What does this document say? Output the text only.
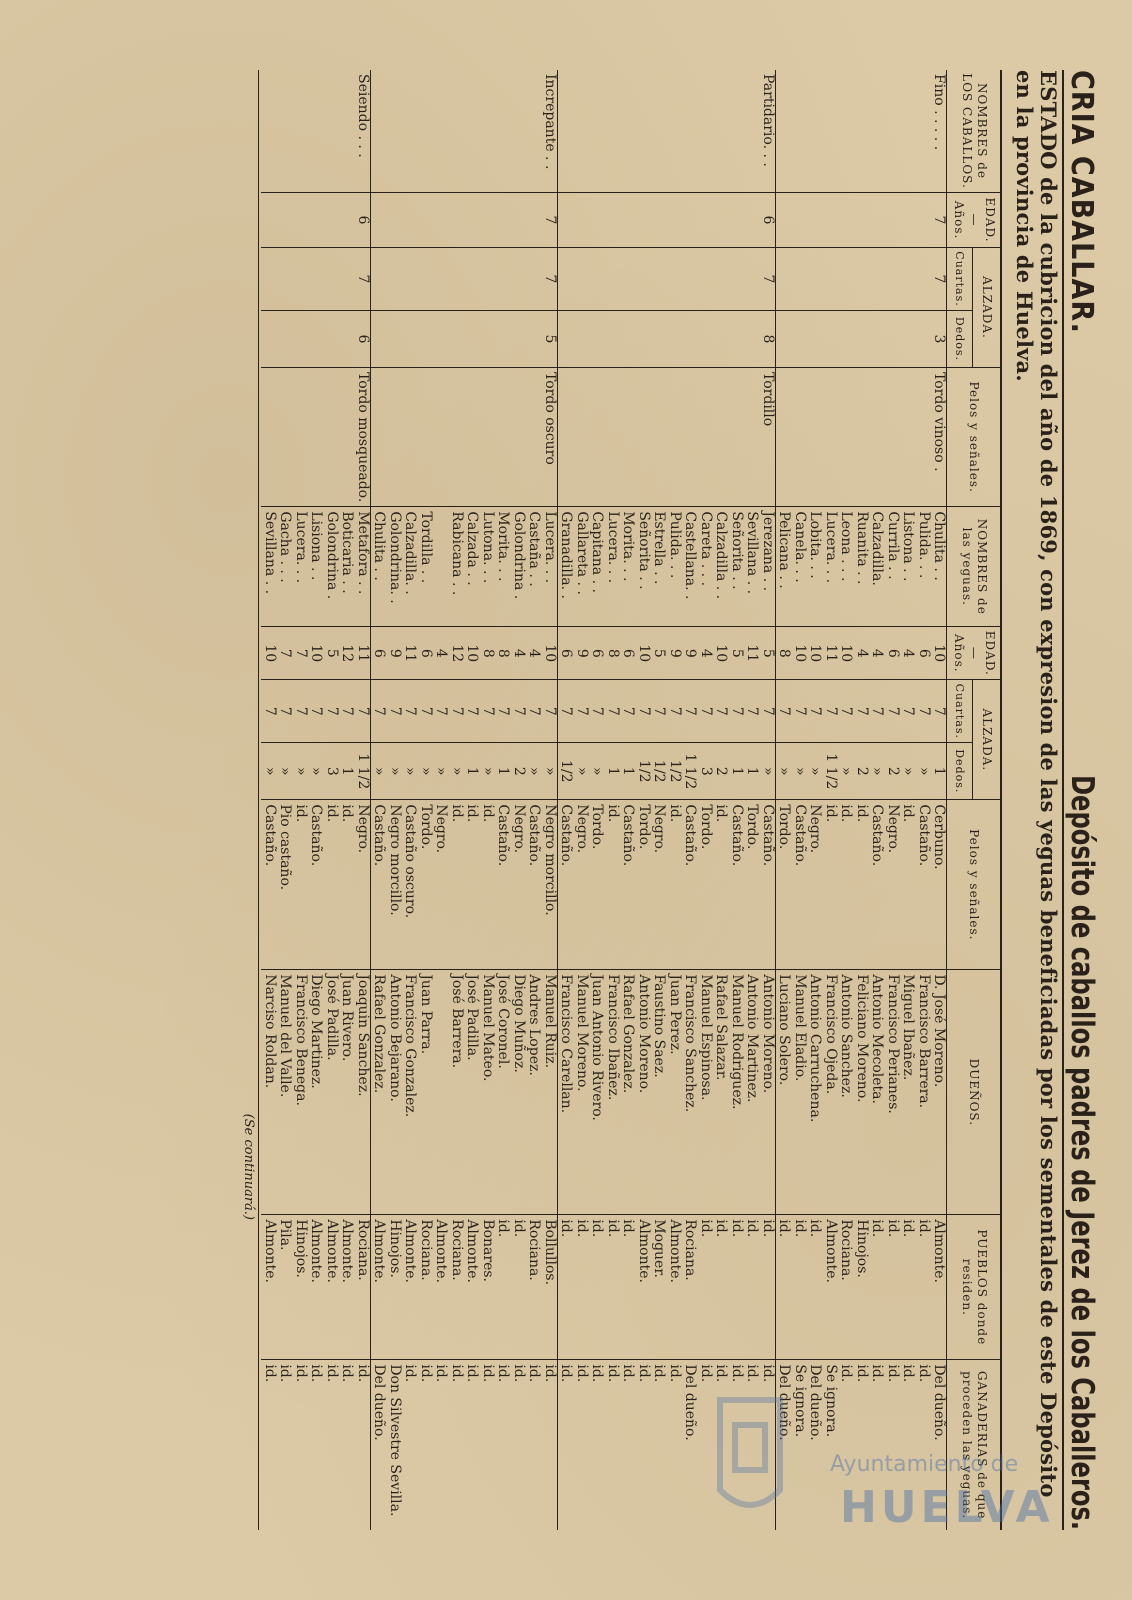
CRIA CABALLAR.
Depósito de caballos padres de Jerez de los Caballeros.
ESTADO de la cubricion del año de 1869, con expresion de las yeguas beneficiadas por los sementales de este Depósito en la provincia de Huelva.
NOMBRES de LOS CABALLOS.	EDAD. — Años.	ALZADA.		Pelos y señales.	NOMBRES de las yeguas.	EDAD. — Años.	ALZADA.		Pelos y señales.	DUEÑOS.	PUEBLOS donde residen.	GANADERIAS de que proceden las yeguas.
		Cuartas.	Dedos.				Cuartas.	Dedos.				
Fino . . . . .	7	7	3	Tordo vinoso .	Chulita . .	10	7	1	Cerbuno.	D. José Moreno.	Almonte.	Del dueño.
					Pulida. . .	6	7	»	Castaño.	Francisco Barrera.	id.	id.
					Listona . .	4	7	»	id.	Miguel Ibañez.	id.	id.
					Currila . .	6	7	2	Negro.	Francisco Perianes.	id.	id.
					Calzadilla.	4	7	»	Castaño.	Antonio Mecoleta.	id.	id.
					Ruanita . .	4	7	2	id.	Feliciano Moreno.	Hinojos.	id.
					Leona . . .	10	7	»	id.	Antonio Sanchez.	Rociana.	id.
					Lucera. . .	11	7	1 1/2	id.	Francisco Ojeda.	Almonte.	Se ignora.
					Lobita. . .	10	7	»	Negro.	Antonio Carruchena.	id.	Del dueño.
					Canela. . .	10	7	»	Castaño.	Manuel Eladio.	id.	Se ignora.
					Pelicana . .	8	7	»	Tordo.	Luciano Solero.	id.	Del dueño.
Partidario. . .	6	7	8	Tordillo	Jerezana . .	5	7	»	Castaño.	Antonio Moreno.	id.	id.
					Sevillana . .	11	7	1	Tordo.	Antonio Martinez.	id.	id.
					Señorita . .	5	7	1	Castaño.	Manuel Rodriguez.	id.	id.
					Calzadilla . .	10	7	2	id.	Rafael Salazar.	id.	id.
					Careta . . .	4	7	3	Tordo.	Manuel Espinosa.	id.	id.
					Castellana. .	9	7	1 1/2	Castaño.	Francisco Sanchez.	Rociana.	Del dueño.
					Pulida. . .	9	7	1/2	id.	Juan Perez.	Almonte.	id.
					Estrella . .	5	7	1/2	Negro.	Faustino Saez.	Moguer.	id.
					Señorita . .	10	7	1/2	Tordo.	Antonio Moreno.	Almonte.	id.
					Morita. . .	6	7	1	Castaño.	Rafael Gonzalez.	id.	id.
					Lucera. . .	8	7	1	id.	Francisco Ibañez.	id.	id.
					Capitana . .	6	7	»	Tordo.	Juan Antonio Rivero.	id.	id.
					Gallareta . .	9	7	»	Negro.	Manuel Moreno.	id.	id.
					Granadilla. .	6	7	1/2	Castaño.	Francisco Carellan.	id.	id.
Increpante . .	7	7	5	Tordo oscuro	Lucera. . .	10	7	»	Negro morcillo.	Manuel Ruiz.	Bollullos.	id.
					Castaña . .	4	7	»	Castaño.	Andres Lopez.	Rociana.	id.
					Golondrina .	4	7	2	Negro.	Diego Muñoz.	id.	id.
					Morita. . .	8	7	1	Castaño.	José Coronel.	id.	id.
					Lutona. . .	8	7	»	id.	Manuel Mateo.	Bonares.	id.
					Calzada . .	10	7	1	id.	José Padilla.	Almonte.	id.
					Rabicana . .	12	7	»	id.	José Barrera.	Rociana.	id.
						4	7	»	Negro.		Almonte.	id.
					Tordilla . .	6	7	»	Tordo.	Juan Parra.	Rociana.	id.
					Calzadilla. .	11	7	»	Castaño oscuro.	Francisco Gonzalez.	Almonte.	id.
					Golondrina. .	9	7	»	Negro morcillo.	Antonio Bejarano.	Hinojos.	Don Silvestre Sevilla.
					Chulita . .	6	7	»	Castaño.	Rafael Gonzalez.	Almonte.	Del dueño.
Seiendo . . .	6	7	6	Tordo mosqueado.	Metafora . .	11	7	1 1/2	Negro.	Joaquin Sanchez.	Rociana.	id.
					Boticaria . .	12	7	1	id.	Juan Rivero.	Almonte.	id.
					Golondrina .	5	7	3	id.	José Padilla.	Almonte.	id.
					Lisiona . .	10	7	»	Castaño.	Diego Martinez.	Almonte.	id.
					Lucera. . .	7	7	»	id.	Francisco Benega.	Hinojos.	id.
					Gacha . . .	7	7	»	Pio castaño.	Manuel del Valle.	Pila.	id.
					Sevillana . .	10	7	»	Castaño.	Narciso Roldan.	Almonte.	id.
(Se continuará.)
Ayuntamiento de
HUELVA
